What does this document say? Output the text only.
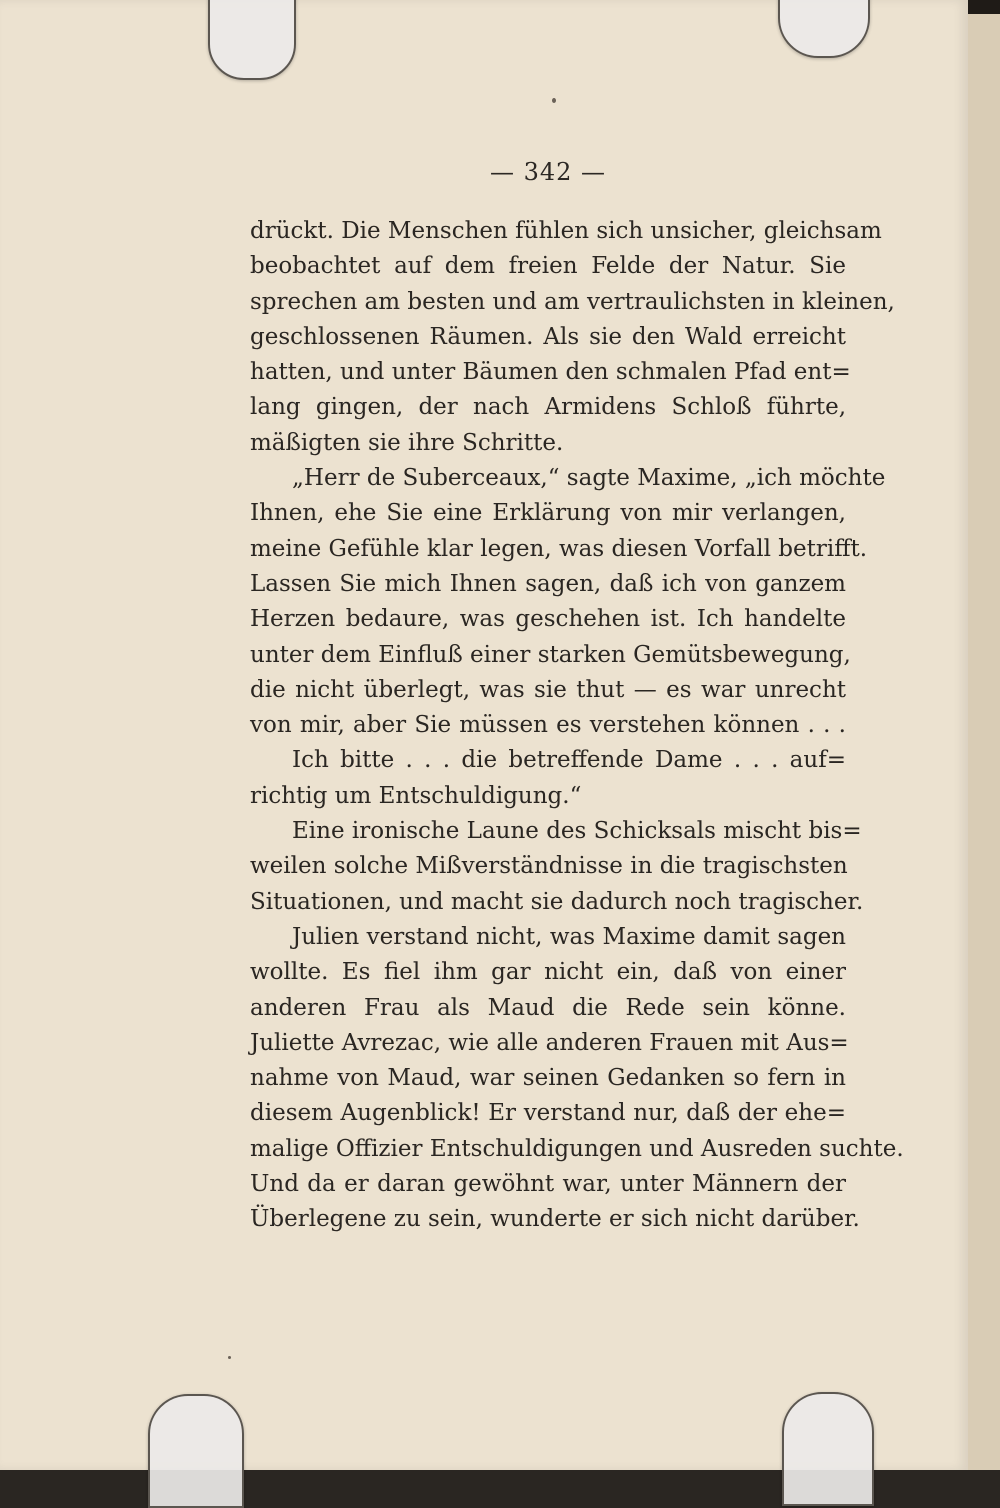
— 342 —
drückt. Die Menschen fühlen sich unsicher, gleichsam
beobachtet auf dem freien Felde der Natur. Sie
sprechen am besten und am vertraulichsten in kleinen,
geschlossenen Räumen. Als sie den Wald erreicht
hatten, und unter Bäumen den schmalen Pfad ent=
lang gingen, der nach Armidens Schloß führte,
mäßigten sie ihre Schritte.
„Herr de Suberceaux,“ sagte Maxime, „ich möchte
Ihnen, ehe Sie eine Erklärung von mir verlangen,
meine Gefühle klar legen, was diesen Vorfall betrifft.
Lassen Sie mich Ihnen sagen, daß ich von ganzem
Herzen bedaure, was geschehen ist. Ich handelte
unter dem Einfluß einer starken Gemütsbewegung,
die nicht überlegt, was sie thut — es war unrecht
von mir, aber Sie müssen es verstehen können . . .
Ich bitte . . . die betreffende Dame . . . auf=
richtig um Entschuldigung.“
Eine ironische Laune des Schicksals mischt bis=
weilen solche Mißverständnisse in die tragischsten
Situationen, und macht sie dadurch noch tragischer.
Julien verstand nicht, was Maxime damit sagen
wollte. Es fiel ihm gar nicht ein, daß von einer
anderen Frau als Maud die Rede sein könne.
Juliette Avrezac, wie alle anderen Frauen mit Aus=
nahme von Maud, war seinen Gedanken so fern in
diesem Augenblick! Er verstand nur, daß der ehe=
malige Offizier Entschuldigungen und Ausreden suchte.
Und da er daran gewöhnt war, unter Männern der
Überlegene zu sein, wunderte er sich nicht darüber.
